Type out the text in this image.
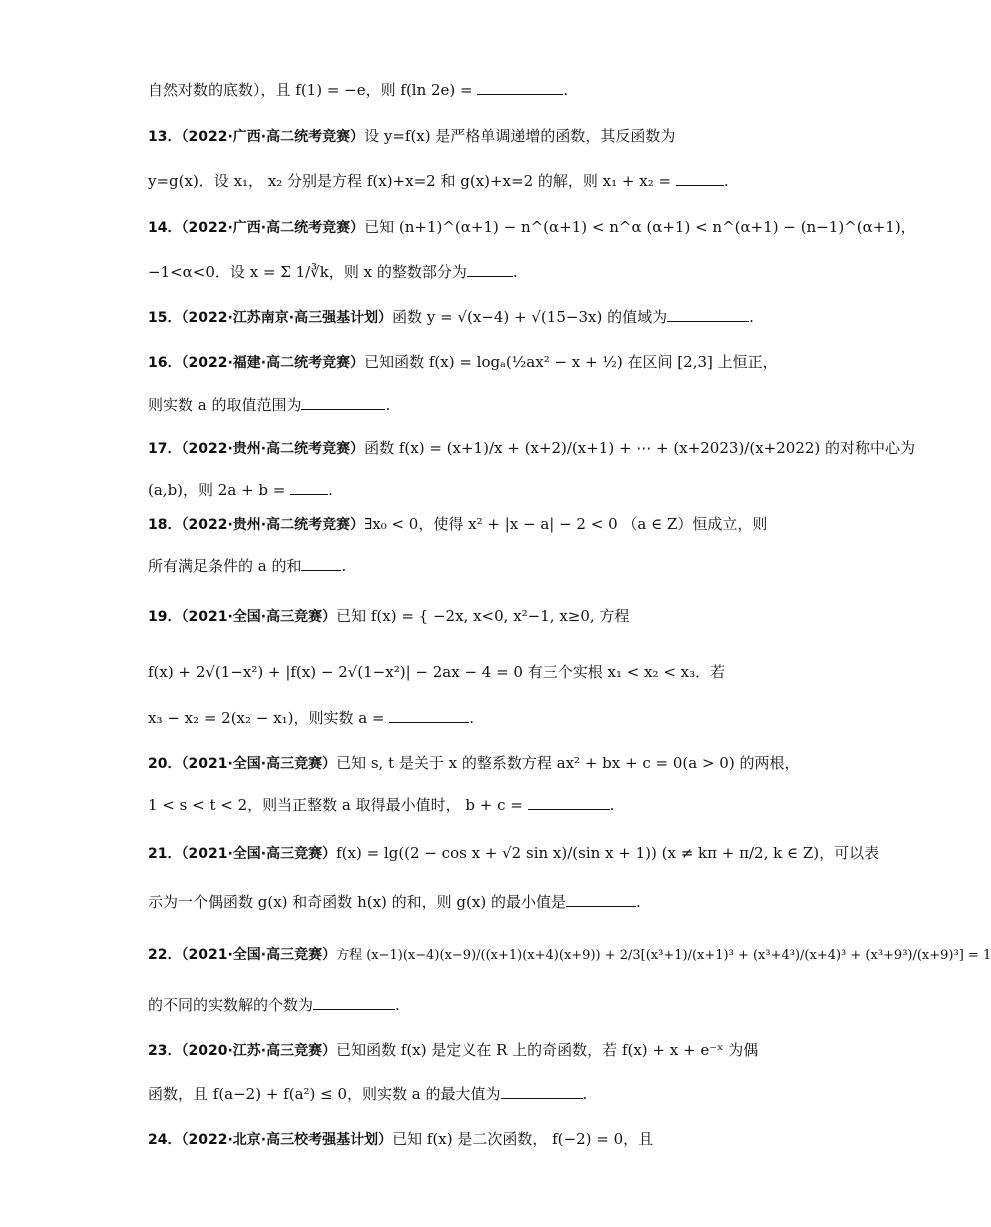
自然对数的底数），且 f(1) = −e，则 f(ln 2e) =	.
13．（2022·广西·高二统考竞赛）设 y=f(x) 是严格单调递增的函数，其反函数为
y=g(x)．设 x₁， x₂ 分别是方程 f(x)+x=2 和 g(x)+x=2 的解，则 x₁ + x₂ =	.
14．（2022·广西·高二统考竞赛）已知 (n+1)^(α+1) − n^(α+1) < n^α (α+1) < n^(α+1) − (n−1)^(α+1)，
−1<α<0．设 x = Σ 1/∛k，则 x 的整数部分为	.
15．（2022·江苏南京·高三强基计划）函数 y = √(x−4) + √(15−3x) 的值域为	.
16．（2022·福建·高二统考竞赛）已知函数 f(x) = logₐ(½ax² − x + ½) 在区间 [2,3] 上恒正，
则实数 a 的取值范围为	.
17．（2022·贵州·高二统考竞赛）函数 f(x) = (x+1)/x + (x+2)/(x+1) + ⋯ + (x+2023)/(x+2022) 的对称中心为
(a,b)，则 2a + b =	.
18．（2022·贵州·高二统考竞赛）∃x₀ < 0，使得 x² + |x − a| − 2 < 0 （a ∈ Z）恒成立，则
所有满足条件的 a 的和	.
19．（2021·全国·高三竞赛）已知 f(x) = { −2x, x<0, x²−1, x≥0, 方程
f(x) + 2√(1−x²) + |f(x) − 2√(1−x²)| − 2ax − 4 = 0 有三个实根 x₁ < x₂ < x₃．若
x₃ − x₂ = 2(x₂ − x₁)，则实数 a =	.
20．（2021·全国·高三竞赛）已知 s, t 是关于 x 的整系数方程 ax² + bx + c = 0(a > 0) 的两根，
1 < s < t < 2，则当正整数 a 取得最小值时， b + c =	.
21．（2021·全国·高三竞赛）f(x) = lg((2 − cos x + √2 sin x)/(sin x + 1)) (x ≠ kπ + π/2, k ∈ Z)，可以表
示为一个偶函数 g(x) 和奇函数 h(x) 的和，则 g(x) 的最小值是	.
22．（2021·全国·高三竞赛）方程 (x−1)(x−4)(x−9)/((x+1)(x+4)(x+9)) + 2/3[(x³+1)/(x+1)³ + (x³+4³)/(x+4)³ + (x³+9³)/(x+9)³] = 1
的不同的实数解的个数为	.
23．（2020·江苏·高三竞赛）已知函数 f(x) 是定义在 R 上的奇函数，若 f(x) + x + e⁻ˣ 为偶
函数，且 f(a−2) + f(a²) ≤ 0，则实数 a 的最大值为	.
24．（2022·北京·高三校考强基计划）已知 f(x) 是二次函数， f(−2) = 0，且
